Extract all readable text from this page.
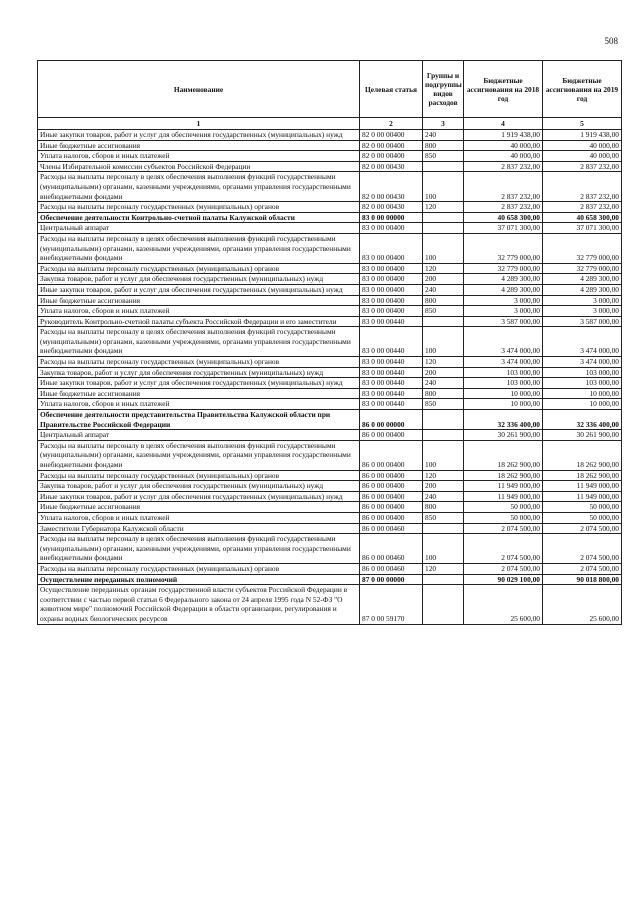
508
Наименование	Целевая статья	Группы и подгруппы видов расходов	Бюджетные ассигнования на 2018 год	Бюджетные ассигнования на 2019 год
1	2	3	4	5
Иные закупки товаров, работ и услуг для обеспечения государственных (муниципальных) нужд	82 0 00 00400	240	1 919 438,00	1 919 438,00
Иные бюджетные ассигнования	82 0 00 00400	800	40 000,00	40 000,00
Уплата налогов, сборов и иных платежей	82 0 00 00400	850	40 000,00	40 000,00
Члены Избирательной комиссии субъектов Российской Федерации	82 0 00 00430		2 837 232,00	2 837 232,00
Расходы на выплаты персоналу в целях обеспечения выполнения функций государственными (муниципальными) органами, казенными учреждениями, органами управления государственными внебюджетными фондами	82 0 00 00430	100	2 837 232,00	2 837 232,00
Расходы на выплаты персоналу государственных (муниципальных) органов	82 0 00 00430	120	2 837 232,00	2 837 232,00
Обеспечение деятельности Контрольно-счетной палаты Калужской области	83 0 00 00000		40 658 300,00	40 658 300,00
Центральный аппарат	83 0 00 00400		37 071 300,00	37 071 300,00
Расходы на выплаты персоналу в целях обеспечения выполнения функций государственными (муниципальными) органами, казенными учреждениями, органами управления государственными внебюджетными фондами	83 0 00 00400	100	32 779 000,00	32 779 000,00
Расходы на выплаты персоналу государственных (муниципальных) органов	83 0 00 00400	120	32 779 000,00	32 779 000,00
Закупка товаров, работ и услуг для обеспечения государственных (муниципальных) нужд	83 0 00 00400	200	4 289 300,00	4 289 300,00
Иные закупки товаров, работ и услуг для обеспечения государственных (муниципальных) нужд	83 0 00 00400	240	4 289 300,00	4 289 300,00
Иные бюджетные ассигнования	83 0 00 00400	800	3 000,00	3 000,00
Уплата налогов, сборов и иных платежей	83 0 00 00400	850	3 000,00	3 000,00
Руководитель Контрольно-счетной палаты субъекта Российской Федерации и его заместители	83 0 00 00440		3 587 000,00	3 587 000,00
Расходы на выплаты персоналу в целях обеспечения выполнения функций государственными (муниципальными) органами, казенными учреждениями, органами управления государственными внебюджетными фондами	83 0 00 00440	100	3 474 000,00	3 474 000,00
Расходы на выплаты персоналу государственных (муниципальных) органов	83 0 00 00440	120	3 474 000,00	3 474 000,00
Закупка товаров, работ и услуг для обеспечения государственных (муниципальных) нужд	83 0 00 00440	200	103 000,00	103 000,00
Иные закупки товаров, работ и услуг для обеспечения государственных (муниципальных) нужд	83 0 00 00440	240	103 000,00	103 000,00
Иные бюджетные ассигнования	83 0 00 00440	800	10 000,00	10 000,00
Уплата налогов, сборов и иных платежей	83 0 00 00440	850	10 000,00	10 000,00
Обеспечение деятельности представительства Правительства Калужской области при Правительстве Российской Федерации	86 0 00 00000		32 336 400,00	32 336 400,00
Центральный аппарат	86 0 00 00400		30 261 900,00	30 261 900,00
Расходы на выплаты персоналу в целях обеспечения выполнения функций государственными (муниципальными) органами, казенными учреждениями, органами управления государственными внебюджетными фондами	86 0 00 00400	100	18 262 900,00	18 262 900,00
Расходы на выплаты персоналу государственных (муниципальных) органов	86 0 00 00400	120	18 262 900,00	18 262 900,00
Закупка товаров, работ и услуг для обеспечения государственных (муниципальных) нужд	86 0 00 00400	200	11 949 000,00	11 949 000,00
Иные закупки товаров, работ и услуг для обеспечения государственных (муниципальных) нужд	86 0 00 00400	240	11 949 000,00	11 949 000,00
Иные бюджетные ассигнования	86 0 00 00400	800	50 000,00	50 000,00
Уплата налогов, сборов и иных платежей	86 0 00 00400	850	50 000,00	50 000,00
Заместители Губернатора Калужской области	86 0 00 00460		2 074 500,00	2 074 500,00
Расходы на выплаты персоналу в целях обеспечения выполнения функций государственными (муниципальными) органами, казенными учреждениями, органами управления государственными внебюджетными фондами	86 0 00 00460	100	2 074 500,00	2 074 500,00
Расходы на выплаты персоналу государственных (муниципальных) органов	86 0 00 00460	120	2 074 500,00	2 074 500,00
Осуществление переданных полномочий	87 0 00 00000		90 029 100,00	90 018 800,00
Осуществление переданных органам государственной власти субъектов Российской Федерации в соответствии с частью первой статьи 6 Федерального закона от 24 апреля 1995 года N 52-ФЗ "О животном мире" полномочий Российской Федерации в области организации, регулирования и охраны водных биологических ресурсов	87 0 00 59170		25 600,00	25 600,00
